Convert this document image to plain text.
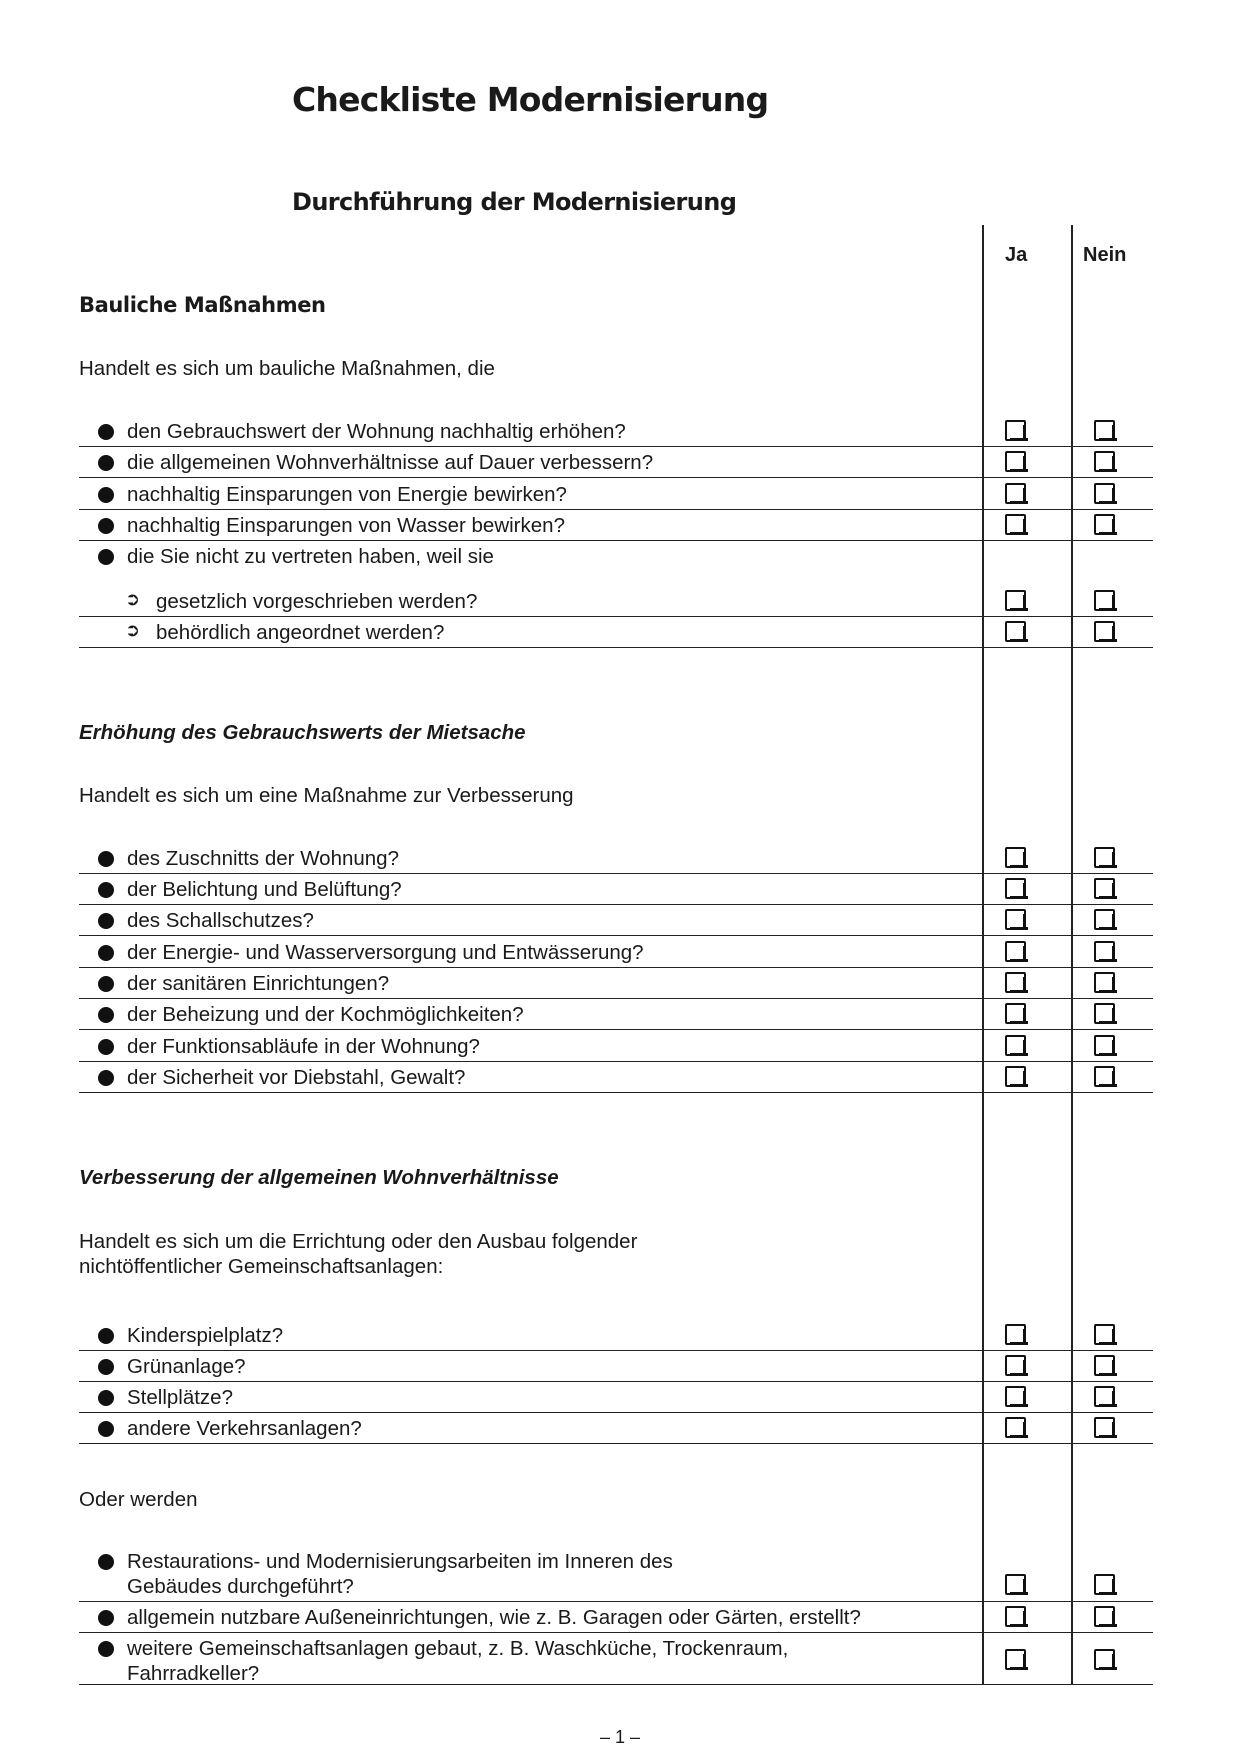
Checkliste Modernisierung
Durchführung der Modernisierung
Ja	Nein
Bauliche Maßnahmen
Handelt es sich um bauliche Maßnahmen, die
den Gebrauchswert der Wohnung nachhaltig erhöhen?
die allgemeinen Wohnverhältnisse auf Dauer verbessern?
nachhaltig Einsparungen von Energie bewirken?
nachhaltig Einsparungen von Wasser bewirken?
die Sie nicht zu vertreten haben, weil sie
➲ gesetzlich vorgeschrieben werden?
➲ behördlich angeordnet werden?
Erhöhung des Gebrauchswerts der Mietsache
Handelt es sich um eine Maßnahme zur Verbesserung
des Zuschnitts der Wohnung?
der Belichtung und Belüftung?
des Schallschutzes?
der Energie- und Wasserversorgung und Entwässerung?
der sanitären Einrichtungen?
der Beheizung und der Kochmöglichkeiten?
der Funktionsabläufe in der Wohnung?
der Sicherheit vor Diebstahl, Gewalt?
Verbesserung der allgemeinen Wohnverhältnisse
Handelt es sich um die Errichtung oder den Ausbau folgender
nichtöffentlicher Gemeinschaftsanlagen:
Kinderspielplatz?
Grünanlage?
Stellplätze?
andere Verkehrsanlagen?
Oder werden
Restaurations- und Modernisierungsarbeiten im Inneren des
Gebäudes durchgeführt?
allgemein nutzbare Außeneinrichtungen, wie z. B. Garagen oder Gärten, erstellt?
weitere Gemeinschaftsanlagen gebaut, z. B. Waschküche, Trockenraum,
Fahrradkeller?
– 1 –
